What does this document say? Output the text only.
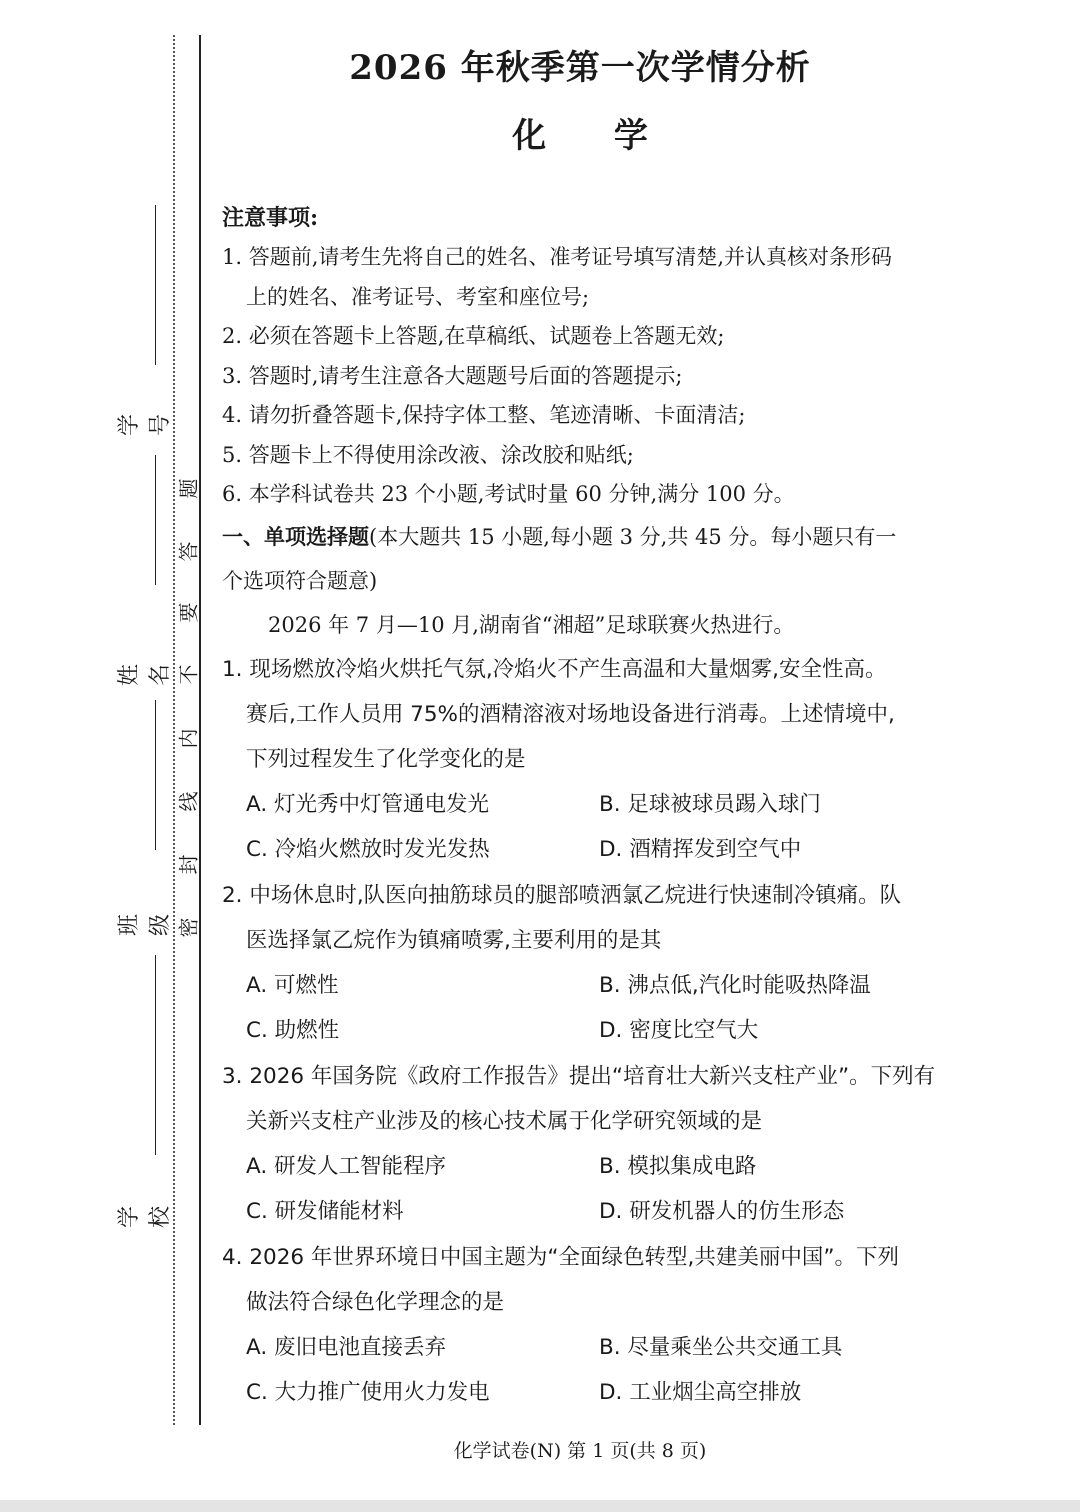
题
答
要
不
内
线
封
密
学号
姓名
班级
学校
2026 年秋季第一次学情分析
化 学
注意事项:
1. 答题前,请考生先将自己的姓名、准考证号填写清楚,并认真核对条形码
上的姓名、准考证号、考室和座位号;
2. 必须在答题卡上答题,在草稿纸、试题卷上答题无效;
3. 答题时,请考生注意各大题题号后面的答题提示;
4. 请勿折叠答题卡,保持字体工整、笔迹清晰、卡面清洁;
5. 答题卡上不得使用涂改液、涂改胶和贴纸;
6. 本学科试卷共 23 个小题,考试时量 60 分钟,满分 100 分。
一、单项选择题(本大题共 15 小题,每小题 3 分,共 45 分。每小题只有一
个选项符合题意)
2026 年 7 月—10 月,湖南省“湘超”足球联赛火热进行。
1. 现场燃放冷焰火烘托气氛,冷焰火不产生高温和大量烟雾,安全性高。
赛后,工作人员用 75%的酒精溶液对场地设备进行消毒。上述情境中,
下列过程发生了化学变化的是
A. 灯光秀中灯管通电发光	B. 足球被球员踢入球门
C. 冷焰火燃放时发光发热	D. 酒精挥发到空气中
2. 中场休息时,队医向抽筋球员的腿部喷洒氯乙烷进行快速制冷镇痛。队
医选择氯乙烷作为镇痛喷雾,主要利用的是其
A. 可燃性	B. 沸点低,汽化时能吸热降温
C. 助燃性	D. 密度比空气大
3. 2026 年国务院《政府工作报告》提出“培育壮大新兴支柱产业”。下列有
关新兴支柱产业涉及的核心技术属于化学研究领域的是
A. 研发人工智能程序	B. 模拟集成电路
C. 研发储能材料	D. 研发机器人的仿生形态
4. 2026 年世界环境日中国主题为“全面绿色转型,共建美丽中国”。下列
做法符合绿色化学理念的是
A. 废旧电池直接丢弃	B. 尽量乘坐公共交通工具
C. 大力推广使用火力发电	D. 工业烟尘高空排放
化学试卷(N) 第 1 页(共 8 页)
